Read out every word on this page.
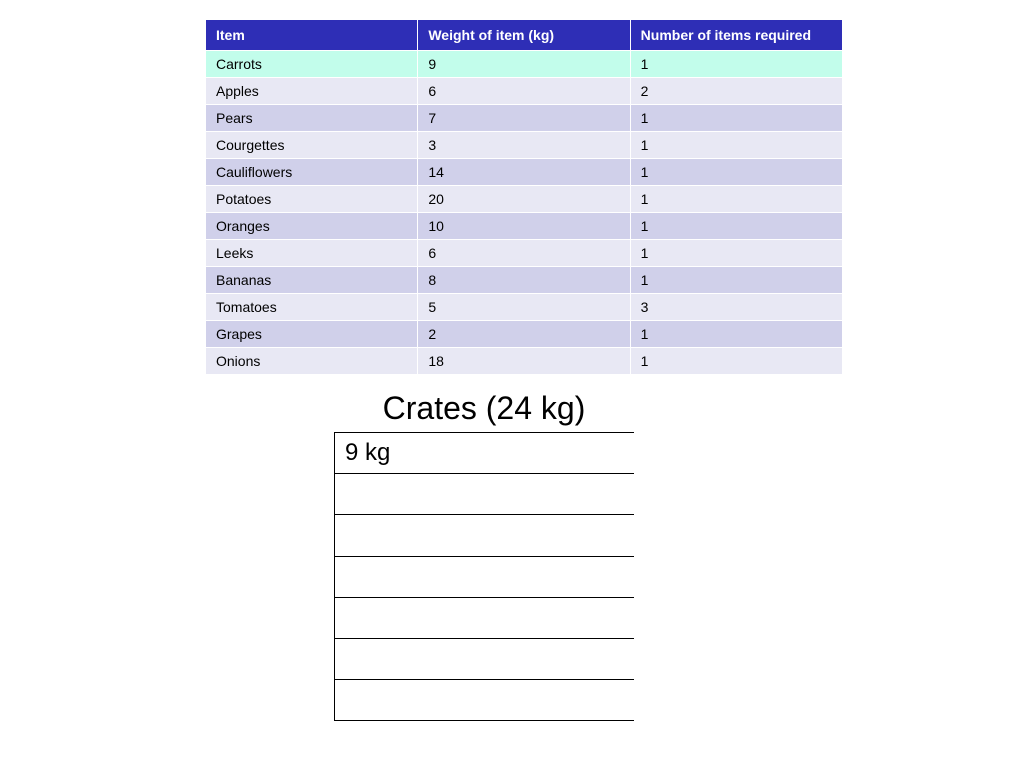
Item	Weight of item (kg)	Number of items required
Carrots	9	1
Apples	6	2
Pears	7	1
Courgettes	3	1
Cauliflowers	14	1
Potatoes	20	1
Oranges	10	1
Leeks	6	1
Bananas	8	1
Tomatoes	5	3
Grapes	2	1
Onions	18	1
Crates (24 kg)
9 kg
